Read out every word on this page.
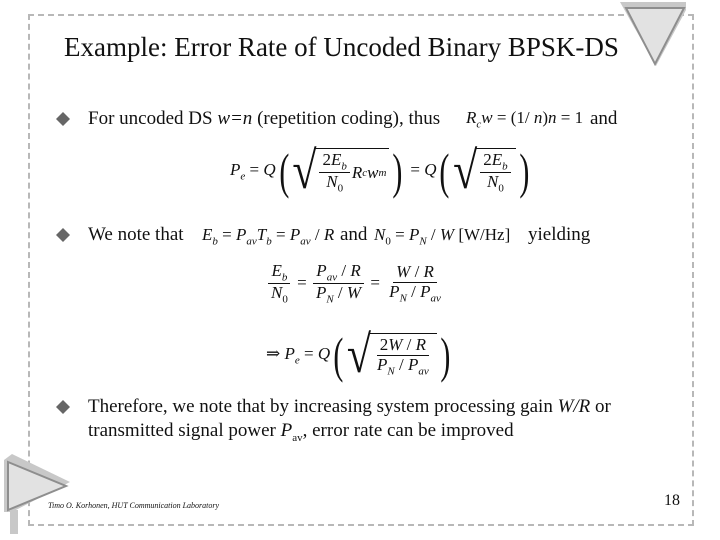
Example: Error Rate of Uncoded Binary BPSK-DS
For uncoded DS w=n (repetition coding), thus $R_cw = (1/$ n)n = 1 and
$P_e = Q$( √ $\frac{2E_b}{N_0}$ R c w m ) = Q( √ $\frac{2E_b}{N_0}$ )
We note that $E_b = P_{av}T_b = P_{av} / R$ and $N_0 = P_N / W$ [W/Hz] yielding
$\frac{E_b}{N_0} = \frac{P_{av} / R}{P_N / W} = \frac{W / R}{P_N / P_{av}}$
⇒ $P_e = Q$( √ $\frac{2W / R}{P_N / P_{av}}$ )
Therefore, we note that by increasing system processing gain W/R or
transmitted signal power $P_{av}$, error rate can be improved
Timo O. Korhonen, HUT Communication Laboratory	18
